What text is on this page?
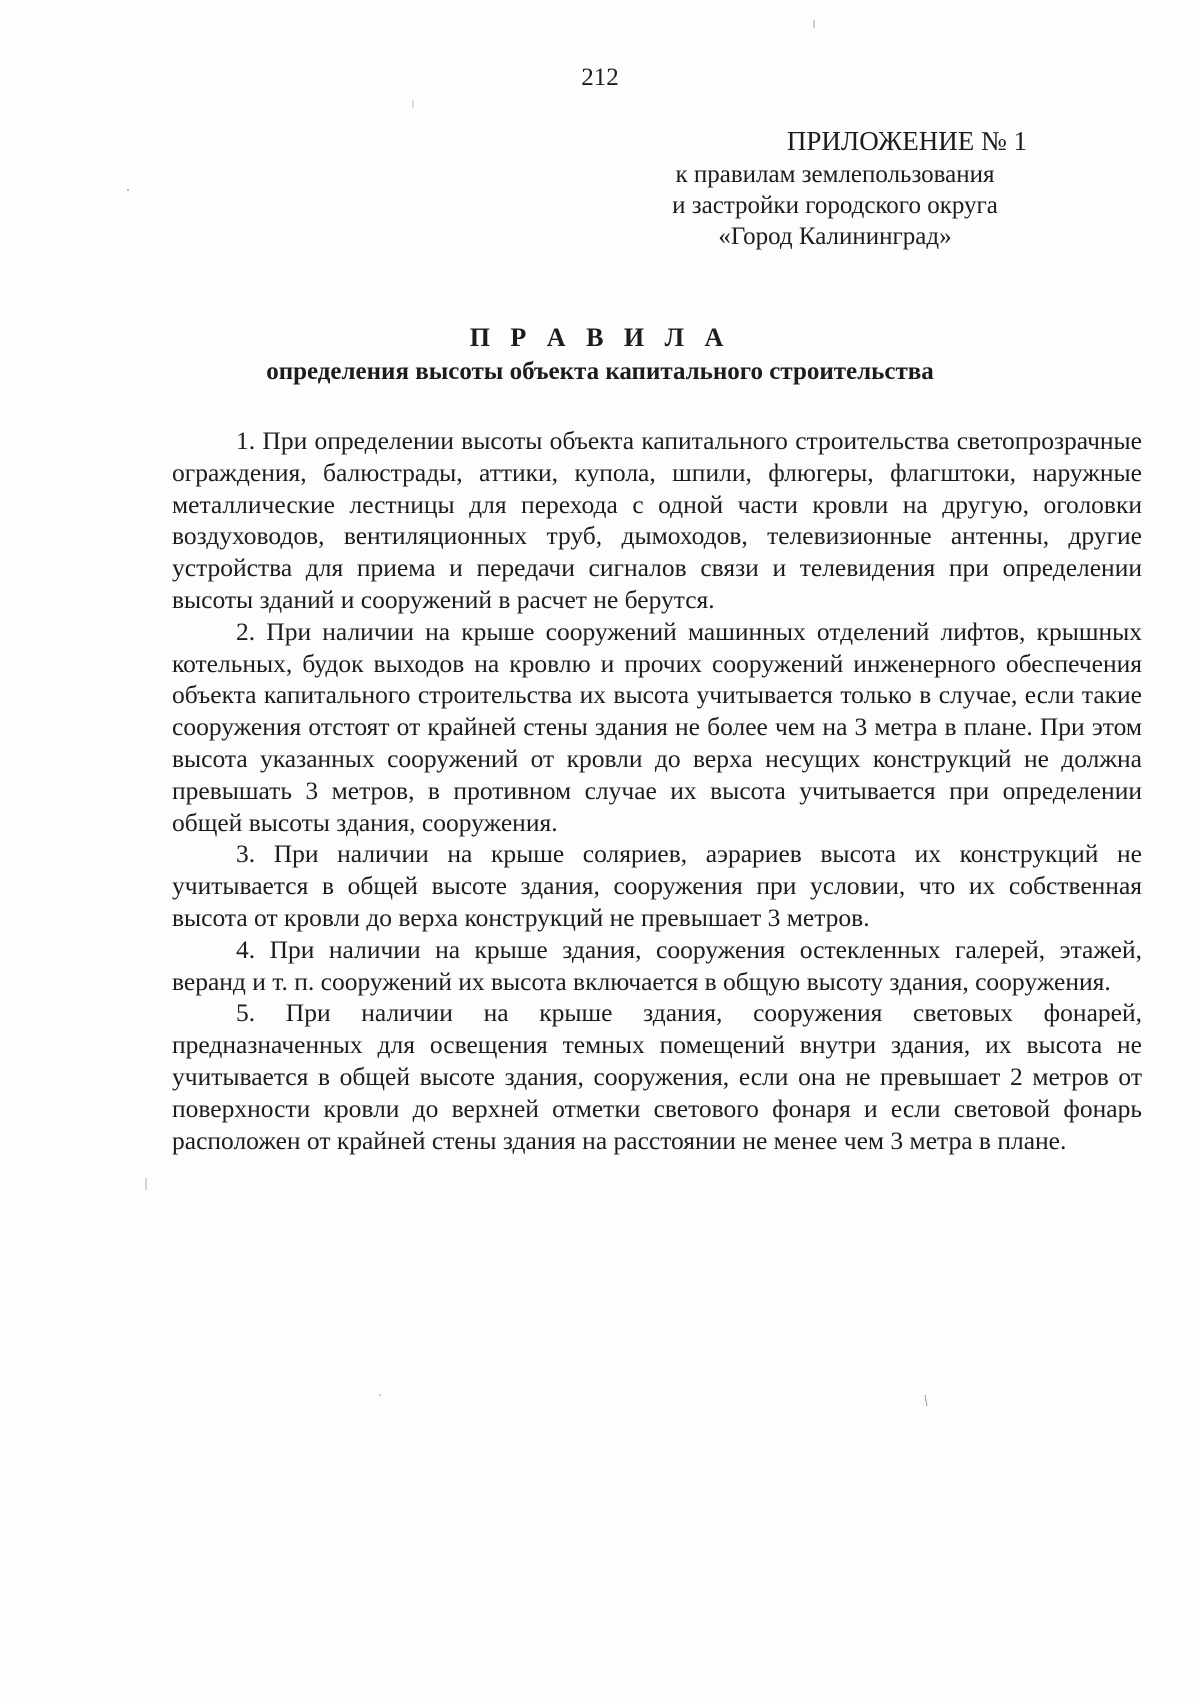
212
ПРИЛОЖЕНИЕ № 1
к правилам землепользования
и застройки городского округа
«Город Калининград»
П Р А В И Л А
определения высоты объекта капитального строительства

1. При определении высоты объекта капитального строительства светопрозрачные ограждения, балюстрады, аттики, купола, шпили, флюгеры, флагштоки, наружные металлические лестницы для перехода с одной части кровли на другую, оголовки воздуховодов, вентиляционных труб, дымоходов, телевизионные антенны, другие устройства для приема и передачи сигналов связи и телевидения при определении высоты зданий и сооружений в расчет не берутся.

2. При наличии на крыше сооружений машинных отделений лифтов, крышных котельных, будок выходов на кровлю и прочих сооружений инженерного обеспечения объекта капитального строительства их высота учитывается только в случае, если такие сооружения отстоят от крайней стены здания не более чем на 3 метра в плане. При этом высота указанных сооружений от кровли до верха несущих конструкций не должна превышать 3 метров, в противном случае их высота учитывается при определении общей высоты здания, сооружения.

3. При наличии на крыше соляриев, аэрариев высота их конструкций не учитывается в общей высоте здания, сооружения при условии, что их собственная высота от кровли до верха конструкций не превышает 3 метров.

4. При наличии на крыше здания, сооружения остекленных галерей, этажей, веранд и т. п. сооружений их высота включается в общую высоту здания, сооружения.

5. При наличии на крыше здания, сооружения световых фонарей, предназначенных для освещения темных помещений внутри здания, их высота не учитывается в общей высоте здания, сооружения, если она не превышает 2 метров от поверхности кровли до верхней отметки светового фонаря и если световой фонарь расположен от крайней стены здания на расстоянии не менее чем 3 метра в плане.
